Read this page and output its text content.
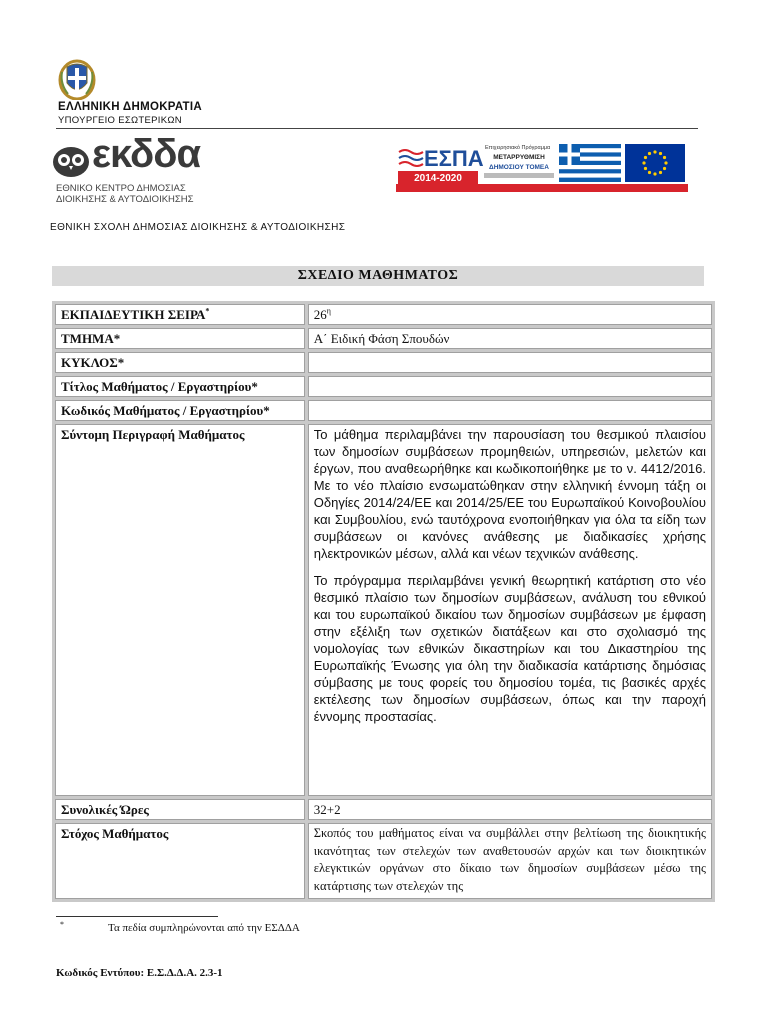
ΕΛΛΗΝΙΚΗ ΔΗΜΟΚΡΑΤΙΑ
ΥΠΟΥΡΓΕΙΟ ΕΣΩΤΕΡΙΚΩΝ
εκδδα
ΕΘΝΙΚΟ ΚΕΝΤΡΟ ΔΗΜΟΣΙΑΣ
ΔΙΟΙΚΗΣΗΣ & ΑΥΤΟΔΙΟΙΚΗΣΗΣ
ΕΣΠΑ
2014-2020
Επιχειρησιακό Πρόγραμμα
ΜΕΤΑΡΡΥΘΜΙΣΗ
ΔΗΜΟΣΙΟΥ ΤΟΜΕΑ
ΕΘΝΙΚΗ ΣΧΟΛΗ ΔΗΜΟΣΙΑΣ ΔΙΟΙΚΗΣΗΣ & ΑΥΤΟΔΙΟΙΚΗΣΗΣ
ΣΧΕΔΙΟ ΜΑΘΗΜΑΤΟΣ
ΕΚΠΑΙΔΕΥΤΙΚΗ ΣΕΙΡΑ*	$26^\eta$
ΤΜΗΜΑ*	Α΄ Ειδική Φάση Σπουδών
ΚΥΚΛΟΣ*	
Τίτλος Μαθήματος / Εργαστηρίου*	
Κωδικός Μαθήματος / Εργαστηρίου*	
Σύντομη Περιγραφή Μαθήματος	Το μάθημα περιλαμβάνει την παρουσίαση του θεσμικού πλαισίου των δημοσίων συμβάσεων προμηθειών, υπηρεσιών, μελετών και έργων, που αναθεωρήθηκε και κωδικοποιήθηκε με το ν. 4412/2016. Με το νέο πλαίσιο ενσωματώθηκαν στην ελληνική έννομη τάξη οι Οδηγίες 2014/24/ΕΕ και 2014/25/ΕΕ του Ευρωπαϊκού Κοινοβουλίου και Συμβουλίου, ενώ ταυτόχρονα ενοποιήθηκαν για όλα τα είδη των συμβάσεων οι κανόνες ανάθεσης με διαδικασίες χρήσης ηλεκτρονικών μέσων, αλλά και νέων τεχνικών ανάθεσης.

Το πρόγραμμα περιλαμβάνει γενική θεωρητική κατάρτιση στο νέο θεσμικό πλαίσιο των δημοσίων συμβάσεων, ανάλυση του εθνικού και του ευρωπαϊκού δικαίου των δημοσίων συμβάσεων με έμφαση στην εξέλιξη των σχετικών διατάξεων και στο σχολιασμό της νομολογίας των εθνικών δικαστηρίων και του Δικαστηρίου της Ευρωπαϊκής Ένωσης για όλη την διαδικασία κατάρτισης δημόσιας σύμβασης με τους φορείς του δημοσίου τομέα, τις βασικές αρχές εκτέλεσης των δημοσίων συμβάσεων, όπως και την παροχή έννομης προστασίας.

Συνολικές Ώρες	32+2
Στόχος Μαθήματος	Σκοπός του μαθήματος είναι να συμβάλλει στην βελτίωση της διοικητικής ικανότητας των στελεχών των αναθετουσών αρχών και των διοικητικών ελεγκτικών οργάνων στο δίκαιο των δημοσίων συμβάσεων μέσω της κατάρτισης των στελεχών της
*	Τα πεδία συμπληρώνονται από την ΕΣΔΔΑ
Κωδικός Εντύπου: Ε.Σ.Δ.Δ.Α. 2.3-1
